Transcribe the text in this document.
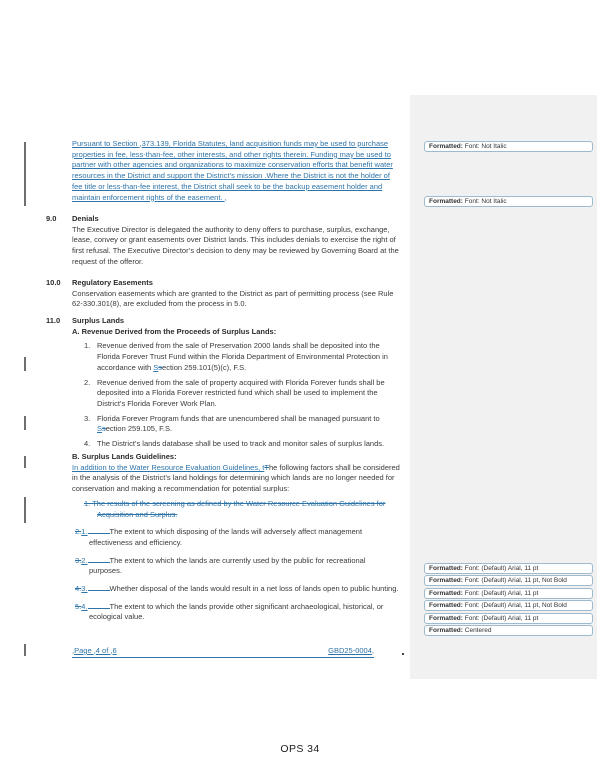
Pursuant to Section ,373.139, Florida Statutes, land acquisition funds may be used to purchase properties in fee, less-than-fee, other interests, and other rights therein. Funding may be used to partner with other agencies and organizations to maximize conservation efforts that benefit water resources in the District and support the District’s mission .Where the District is not the holder of fee title or less-than-fee interest, the District shall seek to be the backup easement holder and maintain enforcement rights of the easement. ,
9.0	Denials
The Executive Director is delegated the authority to deny offers to purchase, surplus, exchange, lease, convey or grant easements over District lands. This includes denials to exercise the right of first refusal. The Executive Director’s decision to deny may be reviewed by Governing Board at the request of the offeror.
10.0	Regulatory Easements
Conservation easements which are granted to the District as part of permitting process (see Rule 62-330.301(8), are excluded from the process in 5.0.
11.0	Surplus Lands
A. Revenue Derived from the Proceeds of Surplus Lands:
1. Revenue derived from the sale of Preservation 2000 lands shall be deposited into the Florida Forever Trust Fund within the Florida Department of Environmental Protection in accordance with Ssection 259.101(5)(c), F.S.
2. Revenue derived from the sale of property acquired with Florida Forever funds shall be deposited into a Florida Forever restricted fund which shall be used to implement the District’s Florida Forever Work Plan.
3. Florida Forever Program funds that are unencumbered shall be managed pursuant to Ssection 259.105, F.S.
4. The District’s lands database shall be used to track and monitor sales of surplus lands.
B. Surplus Lands Guidelines:
In addition to the Water Resource Evaluation Guidelines, tThe following factors shall be considered in the analysis of the District’s land holdings for determining which lands are no longer needed for conservation and making a recommendation for potential surplus:
1. The results of the screening as defined by the Water Resource Evaluation Guidelines for Acquisition and Surplus.
2.1.	The extent to which disposing of the lands will adversely affect management effectiveness and efficiency.
3.2.	The extent to which the lands are currently used by the public for recreational purposes.
4.3.	Whether disposal of the lands would result in a net loss of lands open to public hunting.
5.4.	The extent to which the lands provide other significant archaeological, historical, or ecological value.
Formatted: Font: Not Italic
Formatted: Font: Not Italic
Formatted: Font: (Default) Arial, 11 pt
Formatted: Font: (Default) Arial, 11 pt, Not Bold
Formatted: Font: (Default) Arial, 11 pt
Formatted: Font: (Default) Arial, 11 pt, Not Bold
Formatted: Font: (Default) Arial, 11 pt
Formatted: Centered
,Page ,4 of ,6	GBD25-0004,
OPS 34
